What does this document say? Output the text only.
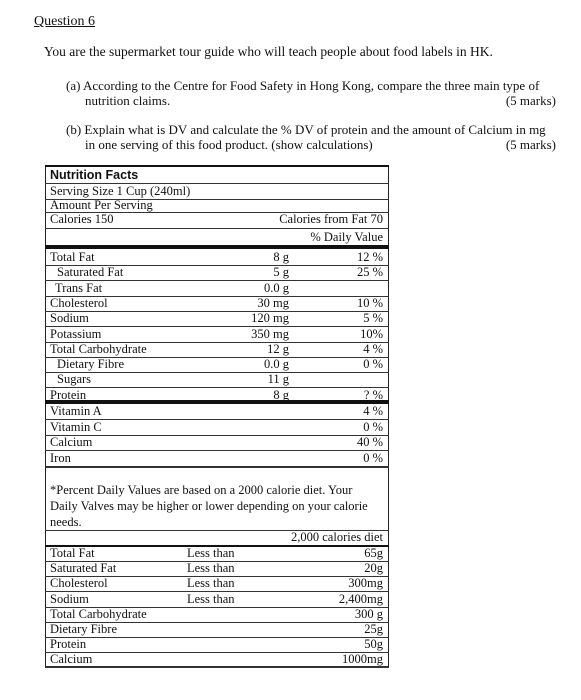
Question 6
You are the supermarket tour guide who will teach people about food labels in HK.
(a) According to the Centre for Food Safety in Hong Kong, compare the three main type of
nutrition claims.	(5 marks)
(b) Explain what is DV and calculate the % DV of protein and the amount of Calcium in mg
in one serving of this food product. (show calculations)	(5 marks)
Nutrition Facts
Serving Size 1 Cup (240ml)
Amount Per Serving
Calories 150	Calories from Fat 70
% Daily Value
Total Fat	8 g	12 %
Saturated Fat	5 g	25 %
Trans Fat	0.0 g
Cholesterol	30 mg	10 %
Sodium	120 mg	5 %
Potassium	350 mg	10%
Total Carbohydrate	12 g	4 %
Dietary Fibre	0.0 g	0 %
Sugars	11 g
Protein	8 g	? %
Vitamin A	4 %
Vitamin C	0 %
Calcium	40 %
Iron	0 %
*Percent Daily Values are based on a 2000 calorie diet. Your Daily Valves may be higher or lower depending on your calorie needs.
2,000 calories diet
Total Fat	Less than	65g
Saturated Fat	Less than	20g
Cholesterol	Less than	300mg
Sodium	Less than	2,400mg
Total Carbohydrate	300 g
Dietary Fibre	25g
Protein	50g
Calcium	1000mg
